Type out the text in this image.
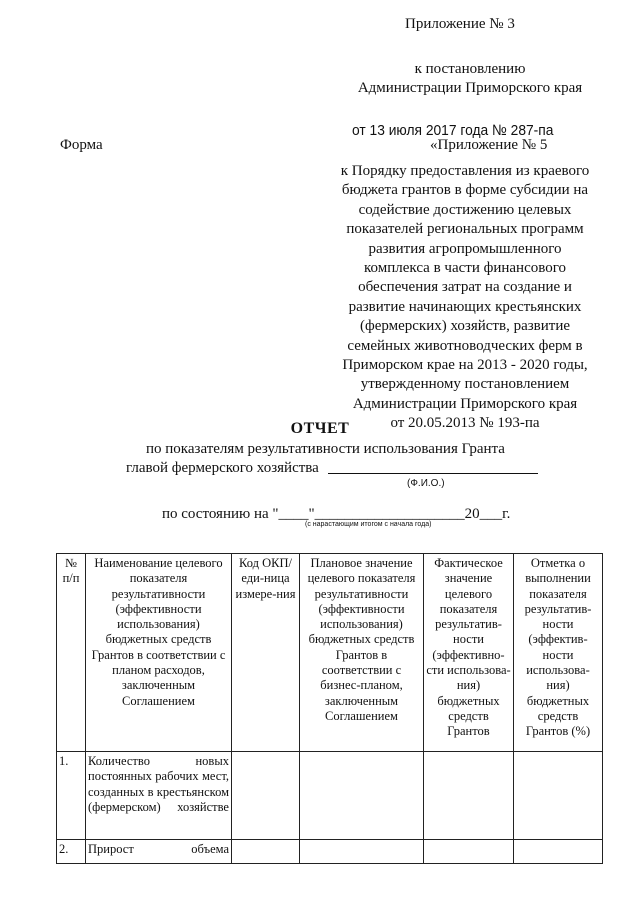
Приложение № 3
к постановлению
Администрации Приморского края
от 13 июля 2017 года № 287-па
Форма	«Приложение № 5
к Порядку предоставления из краевого
бюджета грантов в форме субсидии на
содействие достижению целевых
показателей региональных программ
развития агропромышленного
комплекса в части финансового
обеспечения затрат на создание и
развитие начинающих крестьянских
(фермерских) хозяйств, развитие
семейных животноводческих ферм в
Приморском крае на 2013 - 2020 годы,
утвержденному постановлением
Администрации Приморского края
от 20.05.2013 № 193-па
ОТЧЕТ
по показателям результативности использования Гранта
главой фермерского хозяйства
(Ф.И.О.)
по состоянию на "____"____________________20___г.
(с нарастающим итогом с начала года)
№ п/п	Наименование целевого показателя результативности (эффективности использования) бюджетных средств Грантов в соответствии с планом расходов, заключенным Соглашением	Код ОКП/еди-ница измере-ния	Плановое значение целевого показателя результативности (эффективности использования) бюджетных средств Грантов в соответствии с бизнес-планом, заключенным Соглашением	Фактическое значение целевого показателя результатив-ности (эффективно-сти использова-ния) бюджетных средств Грантов	Отметка о выполнении показателя результатив-ности (эффектив-ности использова-ния) бюджетных средств Грантов (%)
1.	Количество новых постоянных рабочих мест, созданных в крестьянском (фермерском) хозяйстве				
2.	Прирост объема				
